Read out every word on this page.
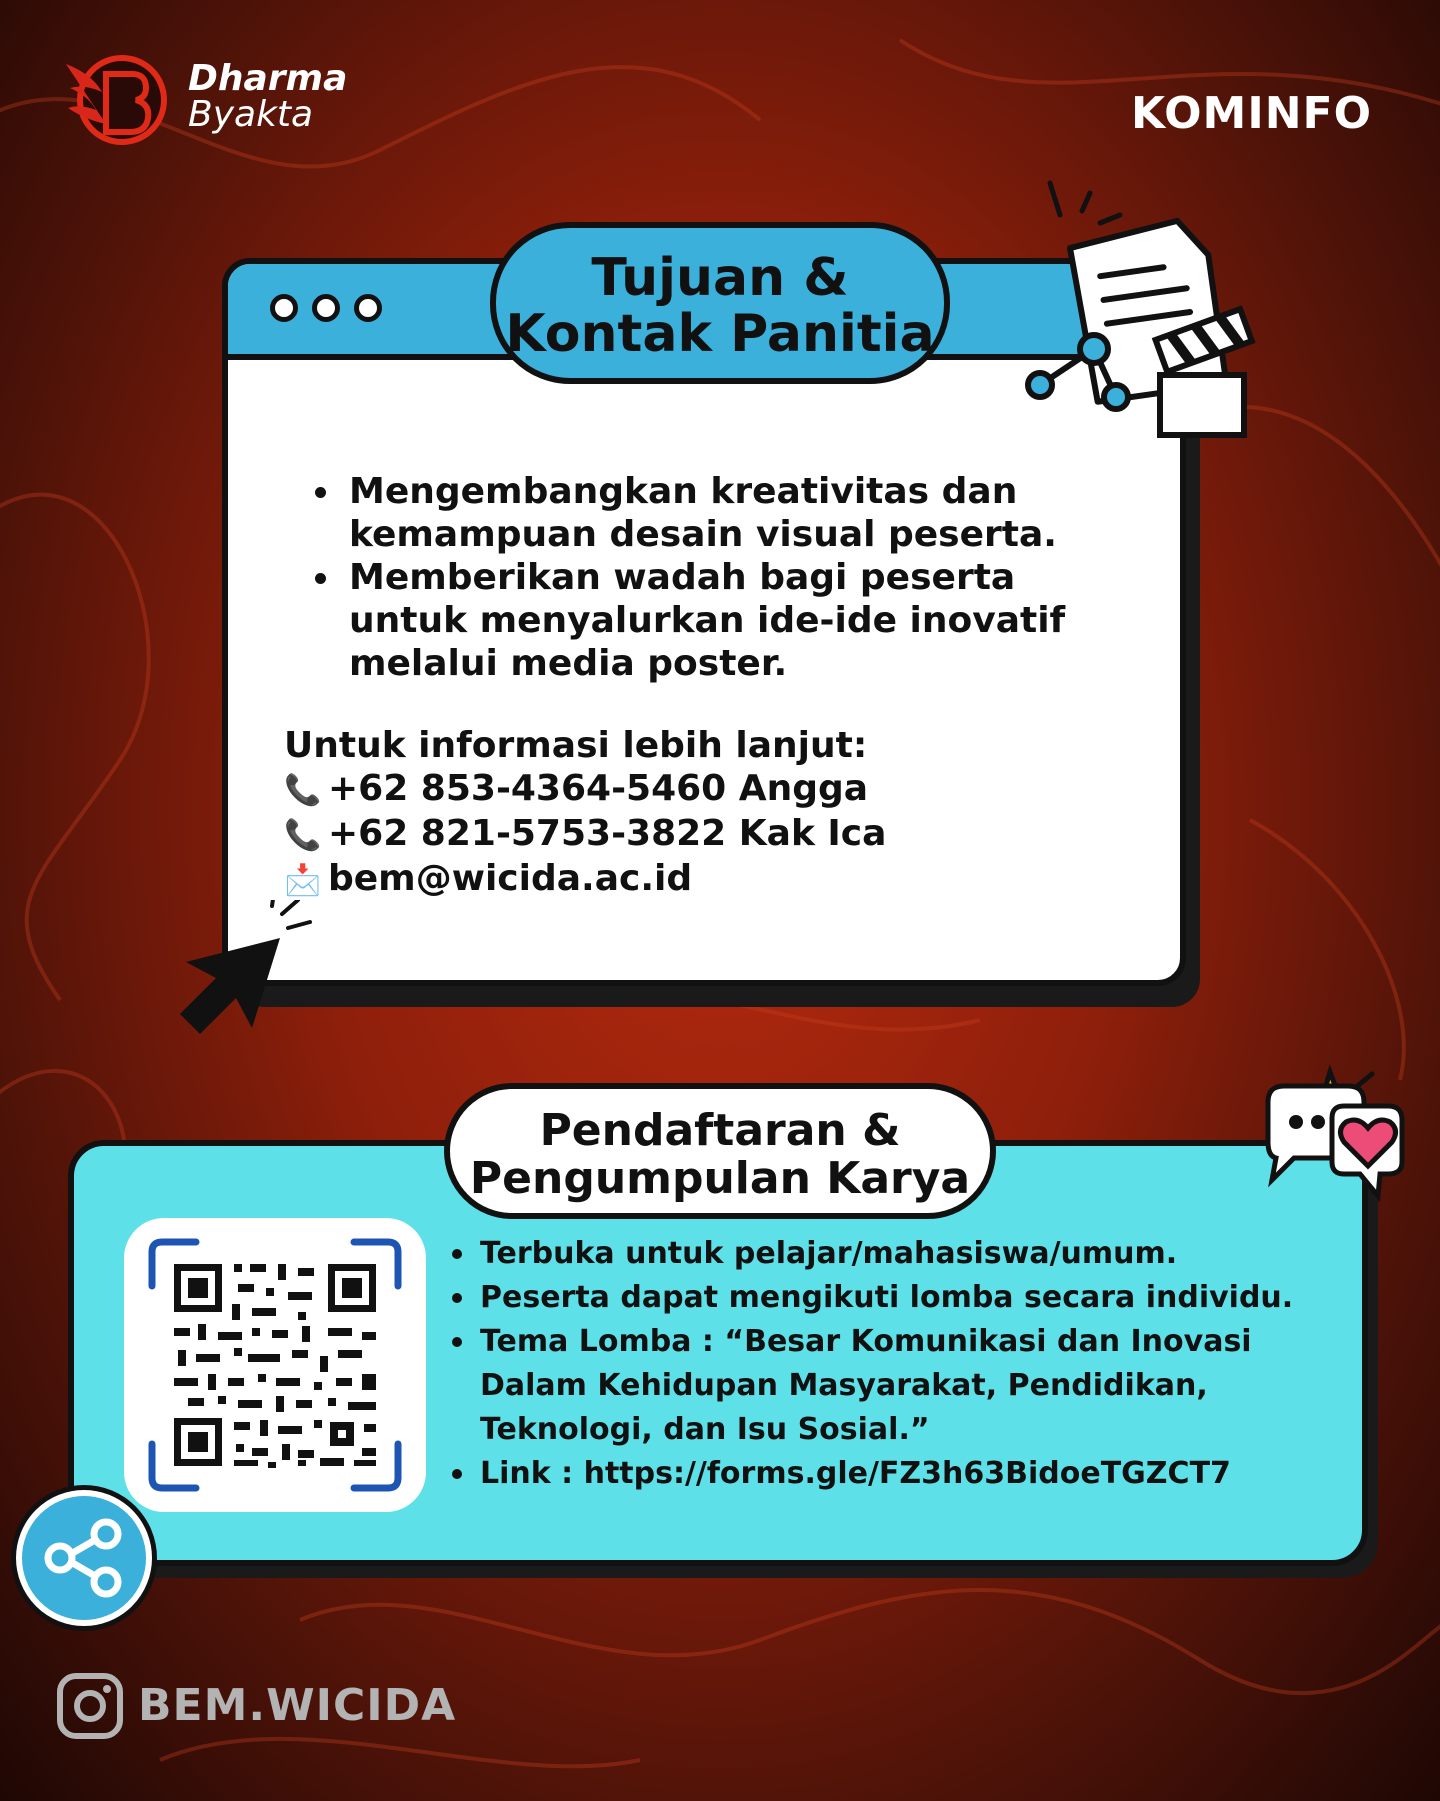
Dharma
Byakta	KOMINFO
Tujuan &
Kontak Panitia
Mengembangkan kreativitas dan kemampuan desain visual peserta.
Memberikan wadah bagi peserta untuk menyalurkan ide-ide inovatif melalui media poster.
Untuk informasi lebih lanjut:
📞 +62 853-4364-5460 Angga
📞 +62 821-5753-3822 Kak Ica
📩 bem@wicida.ac.id
Pendaftaran &
Pengumpulan Karya
Terbuka untuk pelajar/mahasiswa/umum.
Peserta dapat mengikuti lomba secara individu.
Tema Lomba : “Besar Komunikasi dan Inovasi Dalam Kehidupan Masyarakat, Pendidikan, Teknologi, dan Isu Sosial.”
Link : https://forms.gle/FZ3h63BidoeTGZCT7
BEM.WICIDA
